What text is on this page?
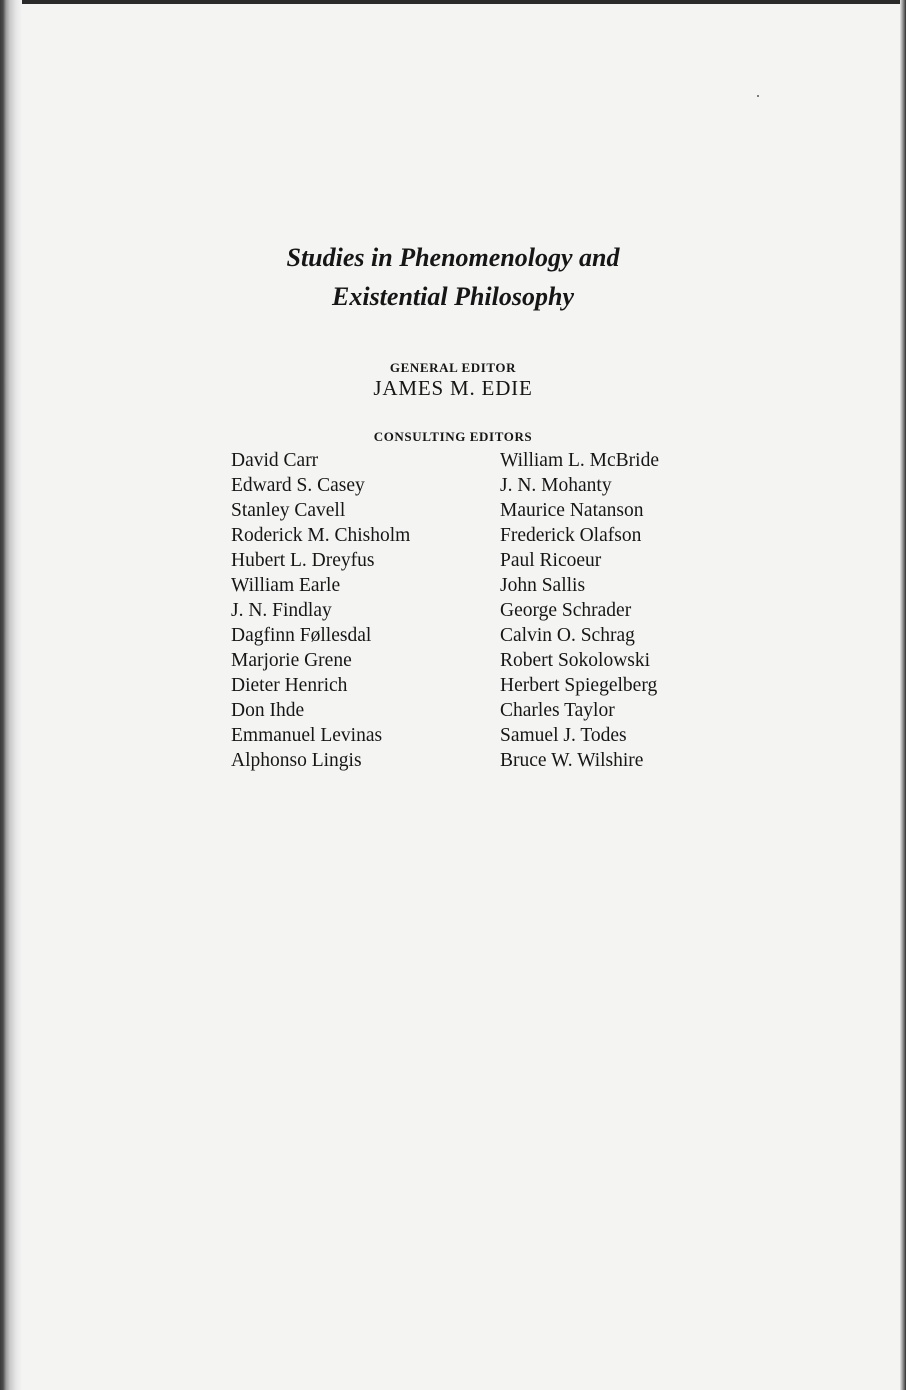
Studies in Phenomenology and
Existential Philosophy

GENERAL EDITOR

JAMES M. EDIE

CONSULTING EDITORS

David Carr
Edward S. Casey
Stanley Cavell
Roderick M. Chisholm
Hubert L. Dreyfus
William Earle
J. N. Findlay
Dagfinn Føllesdal
Marjorie Grene
Dieter Henrich
Don Ihde
Emmanuel Levinas
Alphonso Lingis
William L. McBride
J. N. Mohanty
Maurice Natanson
Frederick Olafson
Paul Ricoeur
John Sallis
George Schrader
Calvin O. Schrag
Robert Sokolowski
Herbert Spiegelberg
Charles Taylor
Samuel J. Todes
Bruce W. Wilshire
